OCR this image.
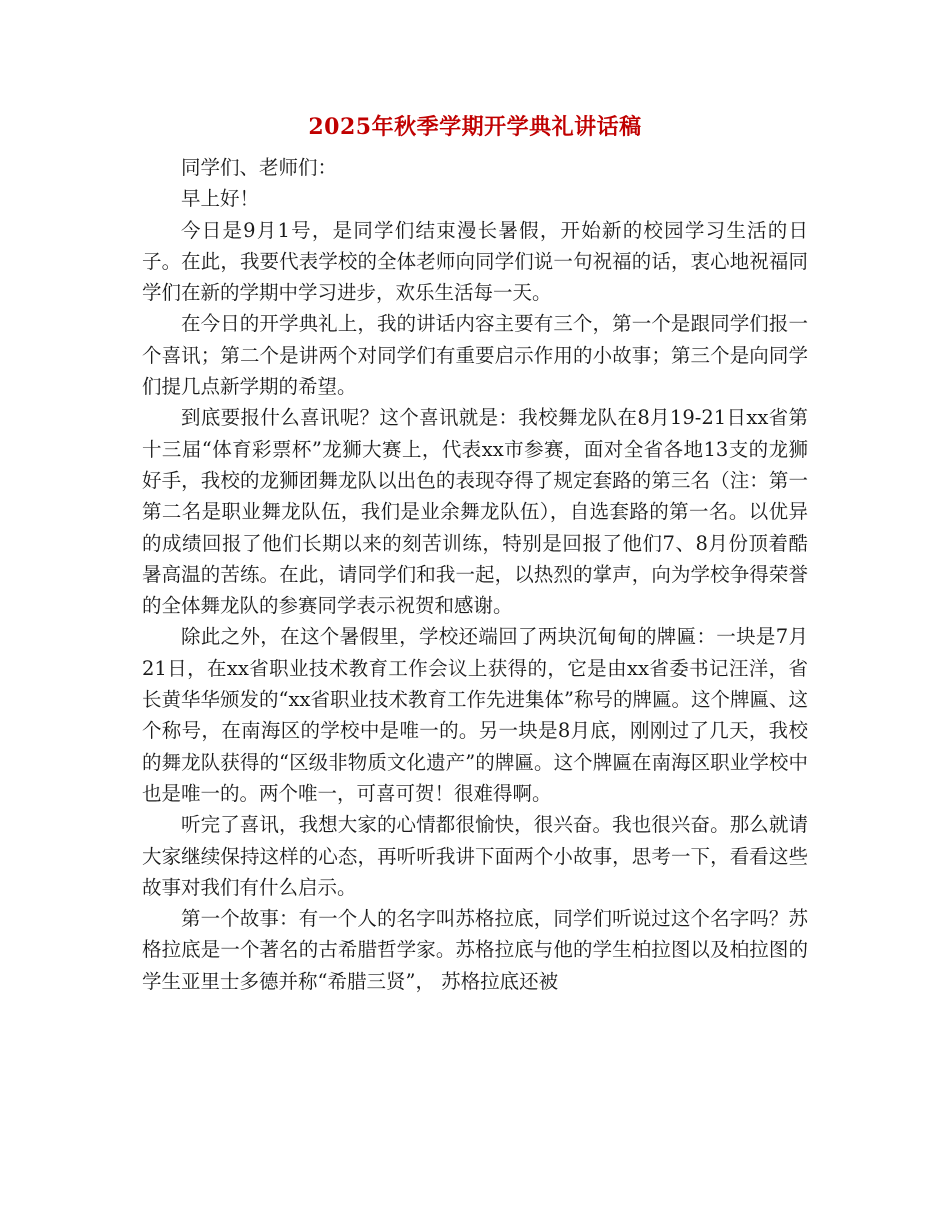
2025年秋季学期开学典礼讲话稿

同学们、老师们：

早上好！

今日是9月1号，是同学们结束漫长暑假，开始新的校园学习生活的日子。在此，我要代表学校的全体老师向同学们说一句祝福的话，衷心地祝福同学们在新的学期中学习进步，欢乐生活每一天。

在今日的开学典礼上，我的讲话内容主要有三个，第一个是跟同学们报一个喜讯；第二个是讲两个对同学们有重要启示作用的小故事；第三个是向同学们提几点新学期的希望。

到底要报什么喜讯呢？这个喜讯就是：我校舞龙队在8月19-21日xx省第十三届“体育彩票杯”龙狮大赛上，代表xx市参赛，面对全省各地13支的龙狮好手，我校的龙狮团舞龙队以出色的表现夺得了规定套路的第三名（注：第一第二名是职业舞龙队伍，我们是业余舞龙队伍），自选套路的第一名。以优异的成绩回报了他们长期以来的刻苦训练，特别是回报了他们7、8月份顶着酷暑高温的苦练。在此，请同学们和我一起，以热烈的掌声，向为学校争得荣誉的全体舞龙队的参赛同学表示祝贺和感谢。

除此之外，在这个暑假里，学校还端回了两块沉甸甸的牌匾：一块是7月21日，在xx省职业技术教育工作会议上获得的，它是由xx省委书记汪洋，省长黄华华颁发的“xx省职业技术教育工作先进集体”称号的牌匾。这个牌匾、这个称号，在南海区的学校中是唯一的。另一块是8月底，刚刚过了几天，我校的舞龙队获得的“区级非物质文化遗产”的牌匾。这个牌匾在南海区职业学校中也是唯一的。两个唯一，可喜可贺！很难得啊。

听完了喜讯，我想大家的心情都很愉快，很兴奋。我也很兴奋。那么就请大家继续保持这样的心态，再听听我讲下面两个小故事，思考一下，看看这些故事对我们有什么启示。

第一个故事：有一个人的名字叫苏格拉底，同学们听说过这个名字吗？苏格拉底是一个著名的古希腊哲学家。苏格拉底与他的学生柏拉图以及柏拉图的学生亚里士多德并称“希腊三贤”， 苏格拉底还被
